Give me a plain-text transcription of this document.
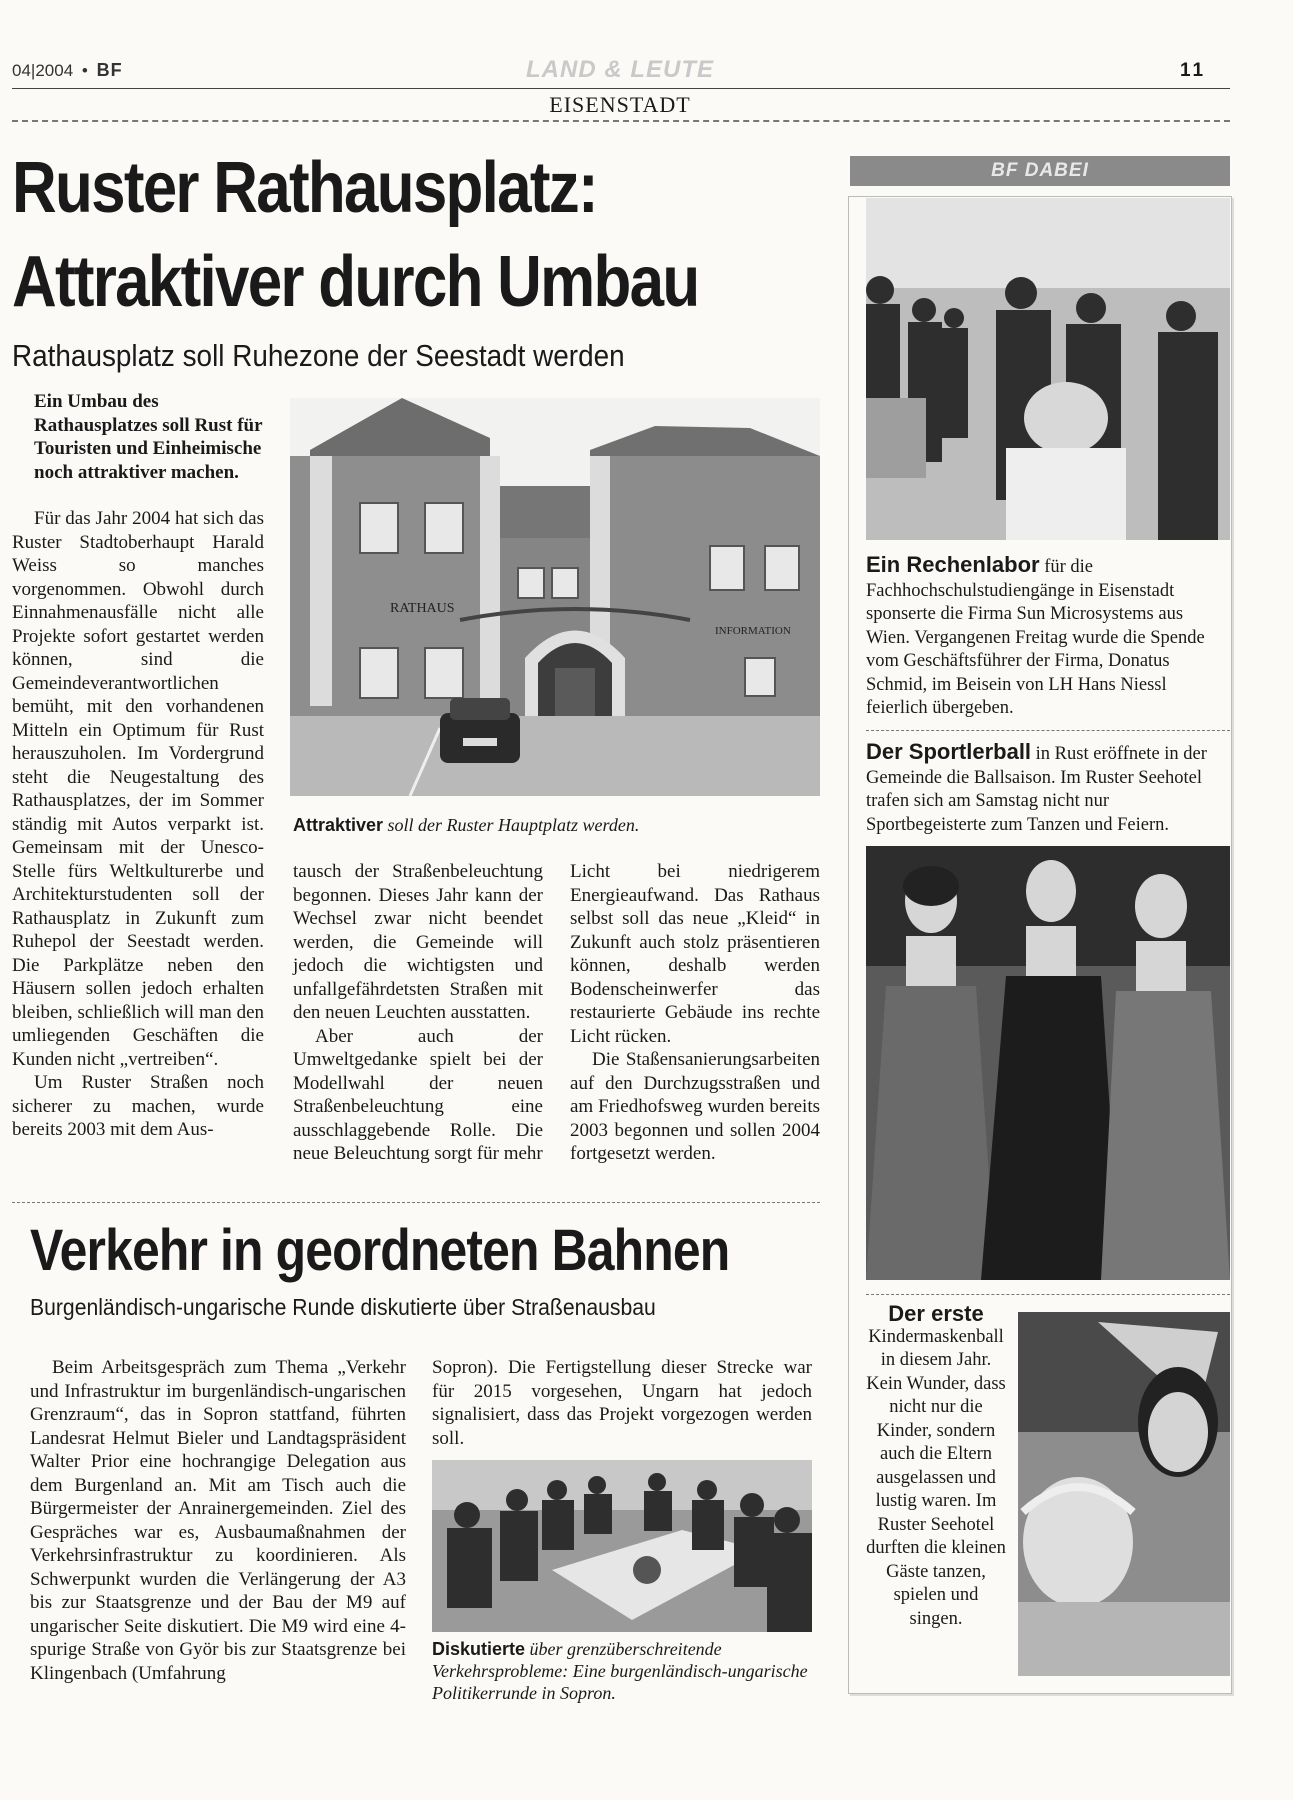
04|2004 • BF	LAND & LEUTE	11
EISENSTADT
Ruster Rathausplatz:
Attraktiver durch Umbau
Rathausplatz soll Ruhezone der Seestadt werden
Ein Umbau des Rathausplatzes soll Rust für Touristen und Einheimische noch attraktiver machen.
RATHAUS
INFORMATION
Attraktiver soll der Ruster Hauptplatz werden.

Für das Jahr 2004 hat sich das Ruster Stadtoberhaupt Harald Weiss so manches vorgenommen. Obwohl durch Einnahmenausfälle nicht alle Projekte sofort gestartet werden können, sind die Gemeindeverantwortlichen bemüht, mit den vorhandenen Mitteln ein Optimum für Rust herauszuholen. Im Vordergrund steht die Neugestaltung des Rathausplatzes, der im Sommer ständig mit Autos verparkt ist. Gemeinsam mit der Unesco-Stelle fürs Weltkulturerbe und Architekturstudenten soll der Rathausplatz in Zukunft zum Ruhepol der Seestadt werden. Die Parkplätze neben den Häusern sollen jedoch erhalten bleiben, schließlich will man den umliegenden Geschäften die Kunden nicht „vertreiben“.

Um Ruster Straßen noch sicherer zu machen, wurde bereits 2003 mit dem Aus-

tausch der Straßenbeleuchtung begonnen. Dieses Jahr kann der Wechsel zwar nicht beendet werden, die Gemeinde will jedoch die wichtigsten und unfallgefährdetsten Straßen mit den neuen Leuchten ausstatten.

Aber auch der Umweltgedanke spielt bei der Modellwahl der neuen Straßenbeleuchtung eine ausschlaggebende Rolle. Die neue Beleuchtung sorgt für mehr

Licht bei niedrigerem Energieaufwand. Das Rathaus selbst soll das neue „Kleid“ in Zukunft auch stolz präsentieren können, deshalb werden Bodenscheinwerfer das restaurierte Gebäude ins rechte Licht rücken.

Die Staßensanierungsarbeiten auf den Durchzugsstraßen und am Friedhofsweg wurden bereits 2003 begonnen und sollen 2004 fortgesetzt werden.

Verkehr in geordneten Bahnen
Burgenländisch-ungarische Runde diskutierte über Straßenausbau

Beim Arbeitsgespräch zum Thema „Verkehr und Infrastruktur im burgenländisch-ungarischen Grenzraum“, das in Sopron stattfand, führten Landesrat Helmut Bieler und Landtagspräsident Walter Prior eine hochrangige Delegation aus dem Burgenland an. Mit am Tisch auch die Bürgermeister der Anrainergemeinden. Ziel des Gespräches war es, Ausbaumaßnahmen der Verkehrsinfrastruktur zu koordinieren. Als Schwerpunkt wurden die Verlängerung der A3 bis zur Staatsgrenze und der Bau der M9 auf ungarischer Seite diskutiert. Die M9 wird eine 4-spurige Straße von Györ bis zur Staatsgrenze bei Klingenbach (Umfahrung

Sopron). Die Fertigstellung dieser Strecke war für 2015 vorgesehen, Ungarn hat jedoch signalisiert, dass das Projekt vorgezogen werden soll.

Diskutierte über grenzüberschreitende Verkehrsprobleme: Eine burgenländisch-ungarische Politikerrunde in Sopron.
BF DABEI
Ein Rechenlabor für die Fachhochschulstudiengänge in Eisenstadt sponserte die Firma Sun Microsystems aus Wien. Vergangenen Freitag wurde die Spende vom Geschäftsführer der Firma, Donatus Schmid, im Beisein von LH Hans Niessl feierlich übergeben.
Der Sportlerball in Rust eröffnete in der Gemeinde die Ballsaison. Im Ruster Seehotel trafen sich am Samstag nicht nur Sportbegeisterte zum Tanzen und Feiern.
Der erste
Kindermaskenball in diesem Jahr. Kein Wunder, dass nicht nur die Kinder, sondern auch die Eltern ausgelassen und lustig waren. Im Ruster Seehotel durften die kleinen Gäste tanzen, spielen und singen.
